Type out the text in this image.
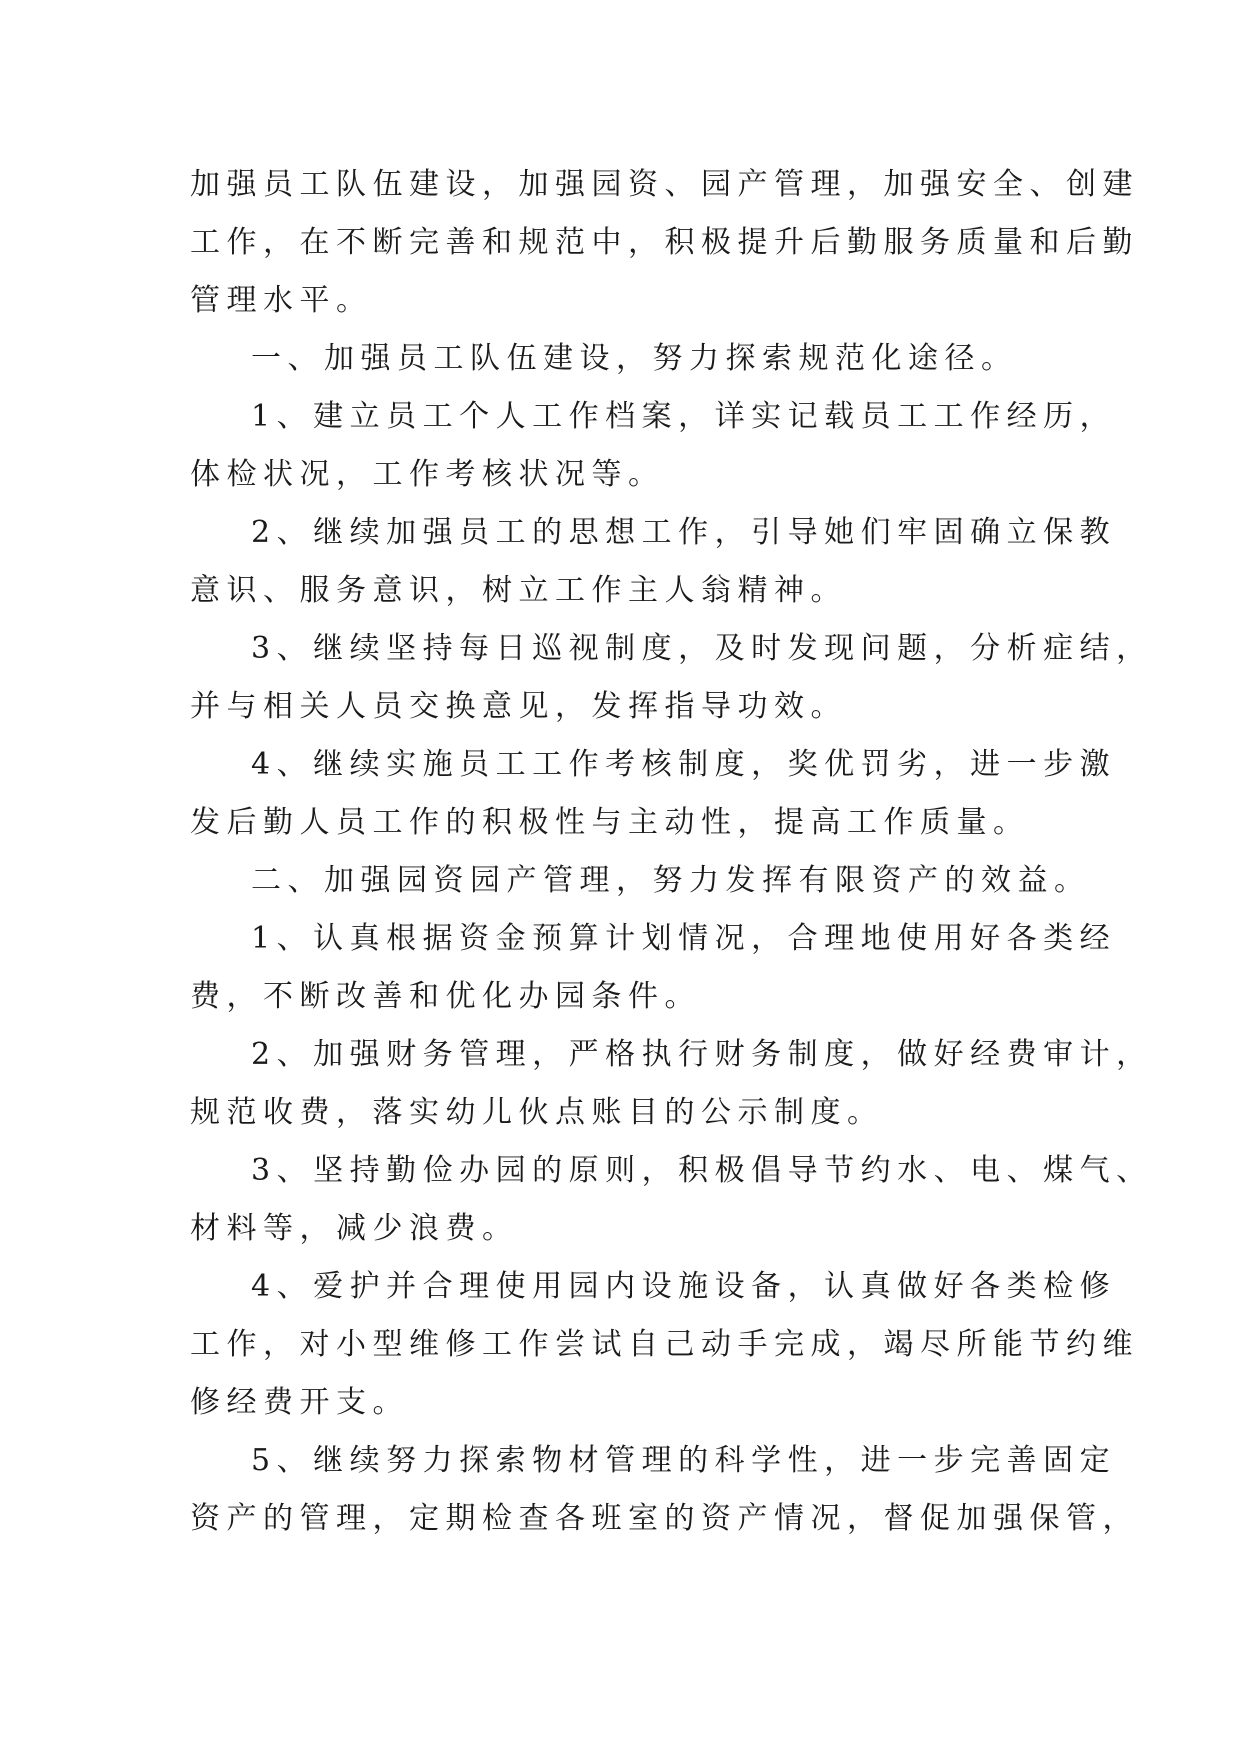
加强员工队伍建设，加强园资、园产管理，加强安全、创建

工作，在不断完善和规范中，积极提升后勤服务质量和后勤

管理水平。

一、加强员工队伍建设，努力探索规范化途径。

1、建立员工个人工作档案，详实记载员工工作经历，

体检状况，工作考核状况等。

2、继续加强员工的思想工作，引导她们牢固确立保教

意识、服务意识，树立工作主人翁精神。

3、继续坚持每日巡视制度，及时发现问题，分析症结，

并与相关人员交换意见，发挥指导功效。

4、继续实施员工工作考核制度，奖优罚劣，进一步激

发后勤人员工作的积极性与主动性，提高工作质量。

二、加强园资园产管理，努力发挥有限资产的效益。

1、认真根据资金预算计划情况，合理地使用好各类经

费，不断改善和优化办园条件。

2、加强财务管理，严格执行财务制度，做好经费审计，

规范收费，落实幼儿伙点账目的公示制度。

3、坚持勤俭办园的原则，积极倡导节约水、电、煤气、

材料等，减少浪费。

4、爱护并合理使用园内设施设备，认真做好各类检修

工作，对小型维修工作尝试自己动手完成，竭尽所能节约维

修经费开支。

5、继续努力探索物材管理的科学性，进一步完善固定

资产的管理，定期检查各班室的资产情况，督促加强保管，
